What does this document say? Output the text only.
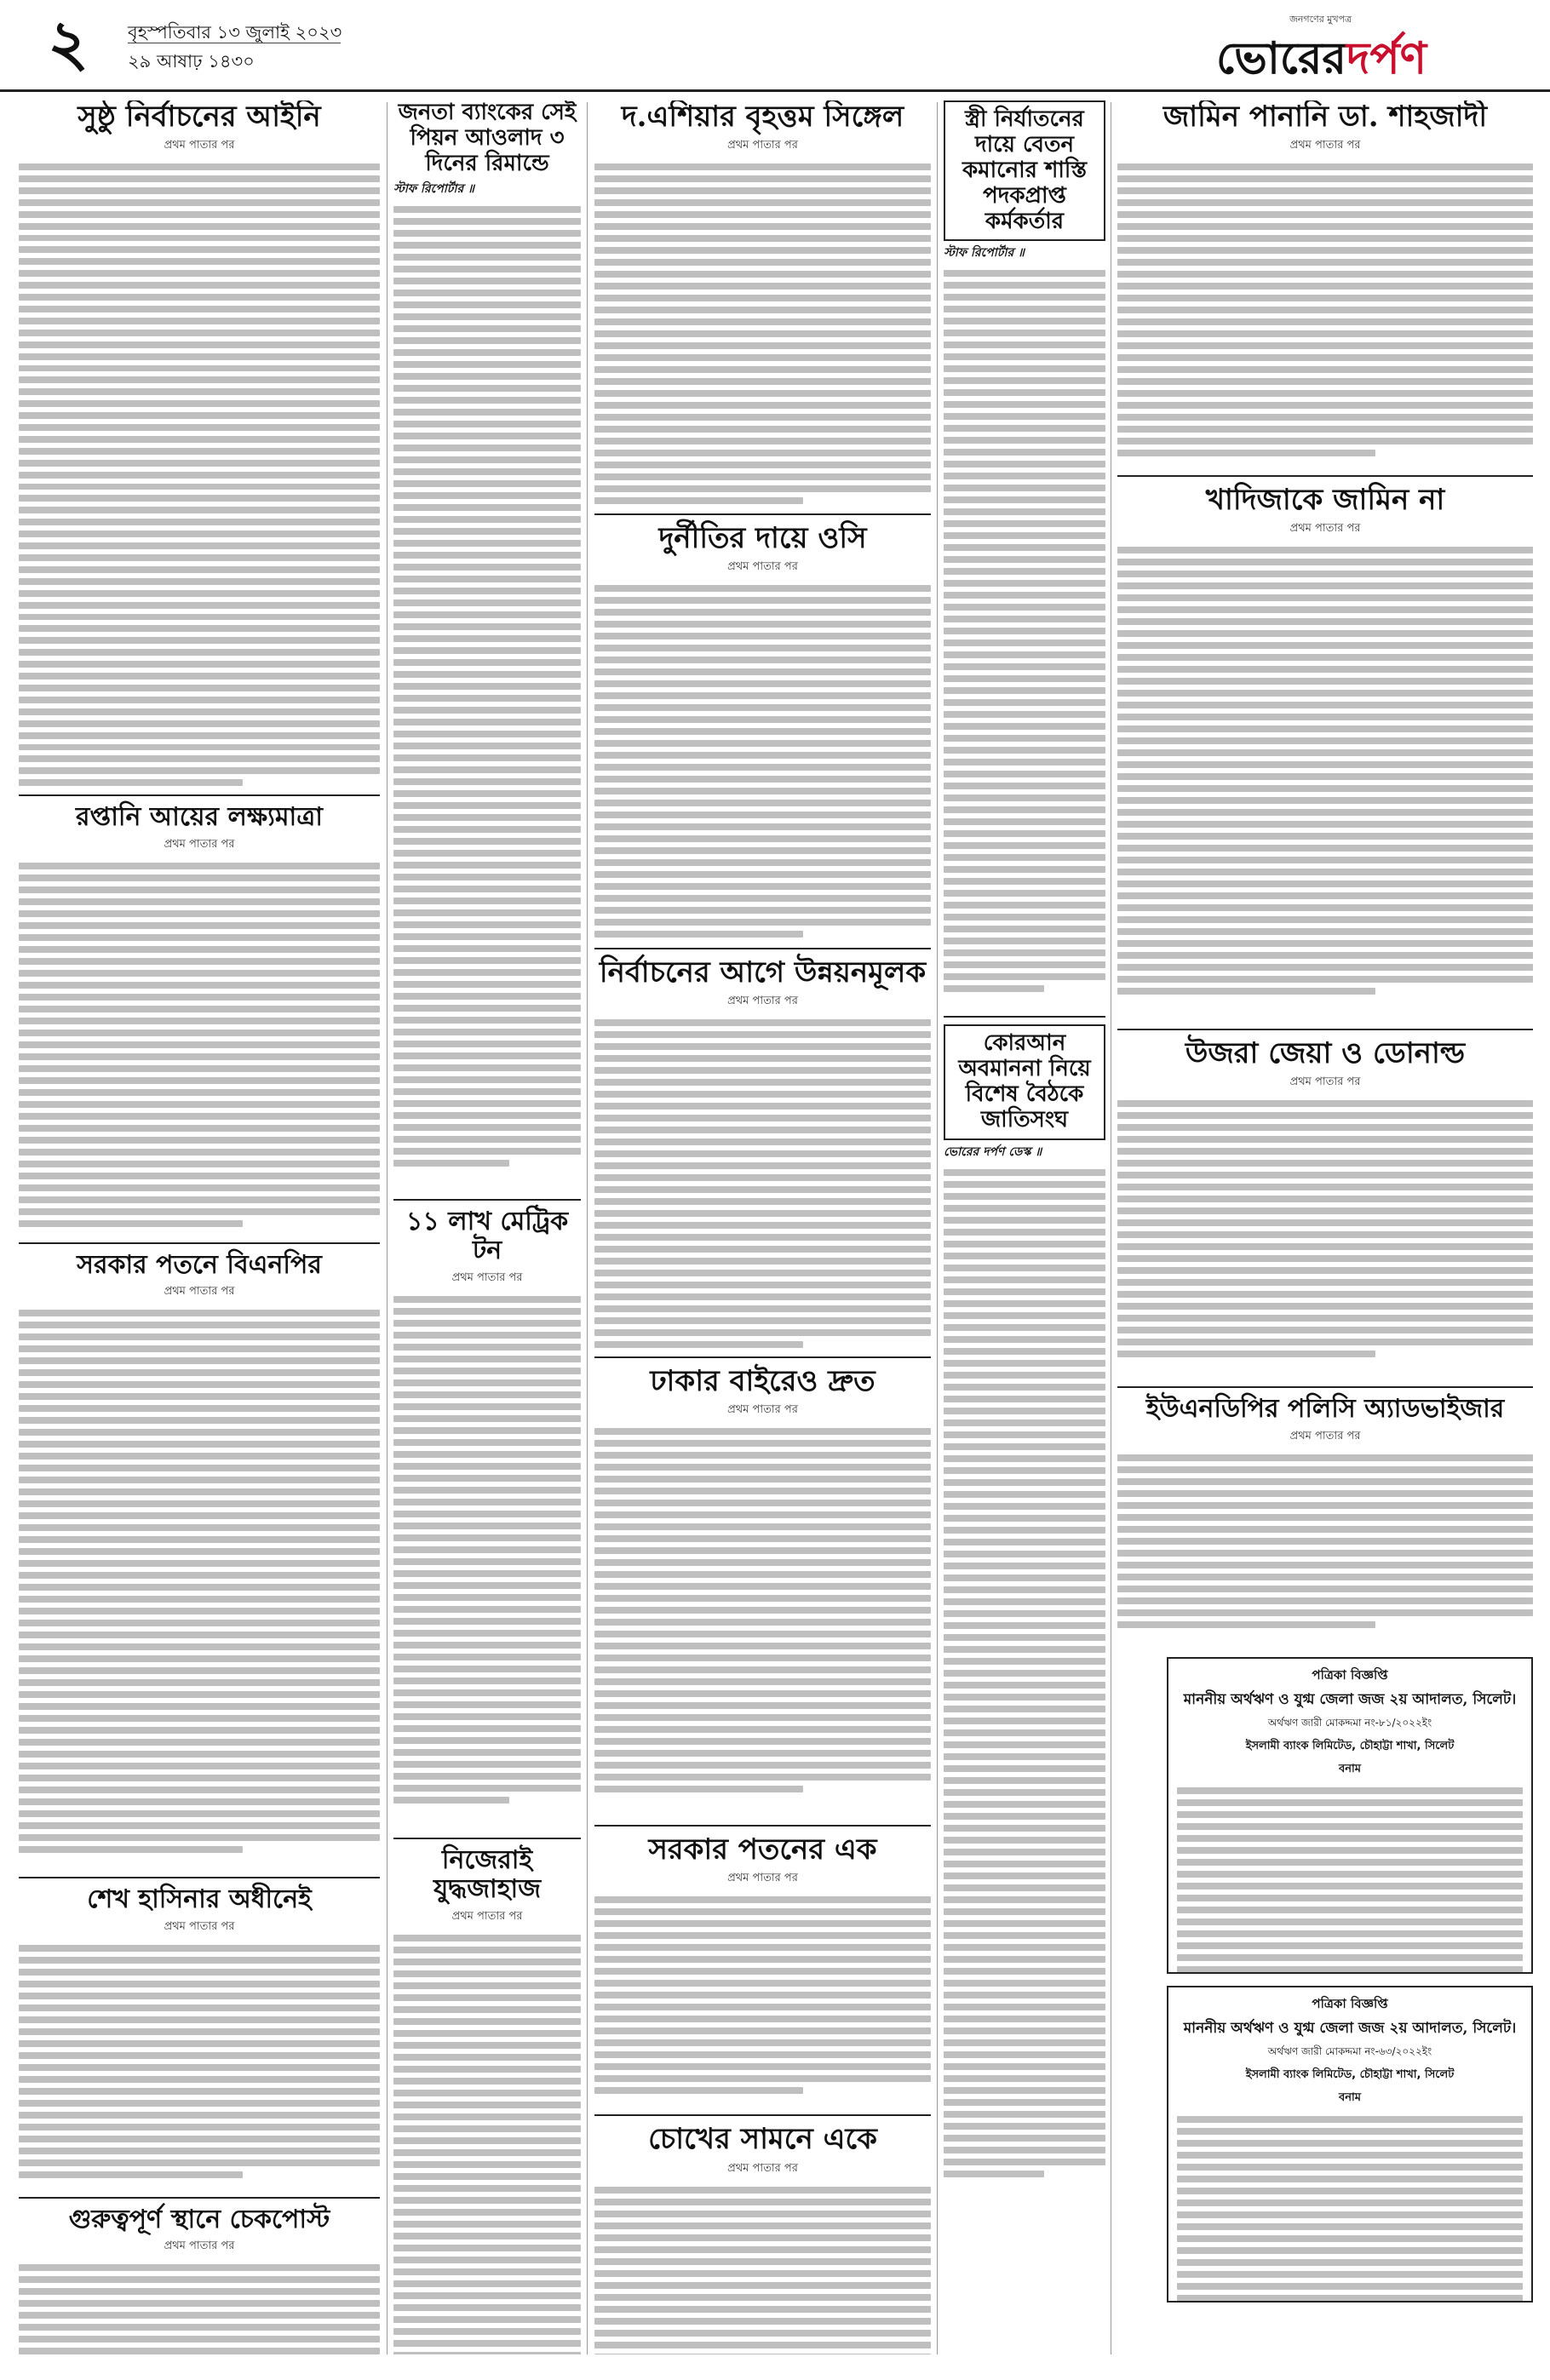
২ বৃহস্পতিবার ১৩ জুলাই ২০২৩
২৯ আষাঢ় ১৪৩০
জনগণের মুখপত্র
ভোরেরদর্পণ
সুষ্ঠু নির্বাচনের আইনি
প্রথম পাতার পর
রপ্তানি আয়ের লক্ষ্যমাত্রা
প্রথম পাতার পর
সরকার পতনে বিএনপির
প্রথম পাতার পর
শেখ হাসিনার অধীনেই
প্রথম পাতার পর
গুরুত্বপূর্ণ স্থানে চেকপোস্ট
প্রথম পাতার পর
জনতা ব্যাংকের সেই পিয়ন আওলাদ ৩ দিনের রিমান্ডে
স্টাফ রিপোর্টার ॥
১১ লাখ মেট্রিক টন
প্রথম পাতার পর
নিজেরাই যুদ্ধজাহাজ
প্রথম পাতার পর
দ.এশিয়ার বৃহত্তম সিঙ্গেল
প্রথম পাতার পর
দুর্নীতির দায়ে ওসি
প্রথম পাতার পর
নির্বাচনের আগে উন্নয়নমূলক
প্রথম পাতার পর
ঢাকার বাইরেও দ্রুত
প্রথম পাতার পর
সরকার পতনের এক
প্রথম পাতার পর
চোখের সামনে একে
প্রথম পাতার পর
স্ত্রী নির্যাতনের দায়ে বেতন কমানোর শাস্তি পদকপ্রাপ্ত কর্মকর্তার
স্টাফ রিপোর্টার ॥
কোরআন অবমাননা নিয়ে বিশেষ বৈঠকে জাতিসংঘ
ভোরের দর্পণ ডেস্ক ॥
জামিন পানানি ডা. শাহজাদী
প্রথম পাতার পর
খাদিজাকে জামিন না
প্রথম পাতার পর
উজরা জেয়া ও ডোনাল্ড
প্রথম পাতার পর
ইউএনডিপির পলিসি অ্যাডভাইজার
প্রথম পাতার পর
পত্রিকা বিজ্ঞপ্তি
মাননীয় অর্থঋণ ও যুগ্ম জেলা জজ ২য় আদালত, সিলেট।
অর্থঋণ জারী মোকদ্দমা নং-৮১/২০২২ইং
ইসলামী ব্যাংক লিমিটেড, চৌহাট্টা শাখা, সিলেট
বনাম
পত্রিকা বিজ্ঞপ্তি
মাননীয় অর্থঋণ ও যুগ্ম জেলা জজ ২য় আদালত, সিলেট।
অর্থঋণ জারী মোকদ্দমা নং-৬৩/২০২২ইং
ইসলামী ব্যাংক লিমিটেড, চৌহাট্টা শাখা, সিলেট
বনাম
